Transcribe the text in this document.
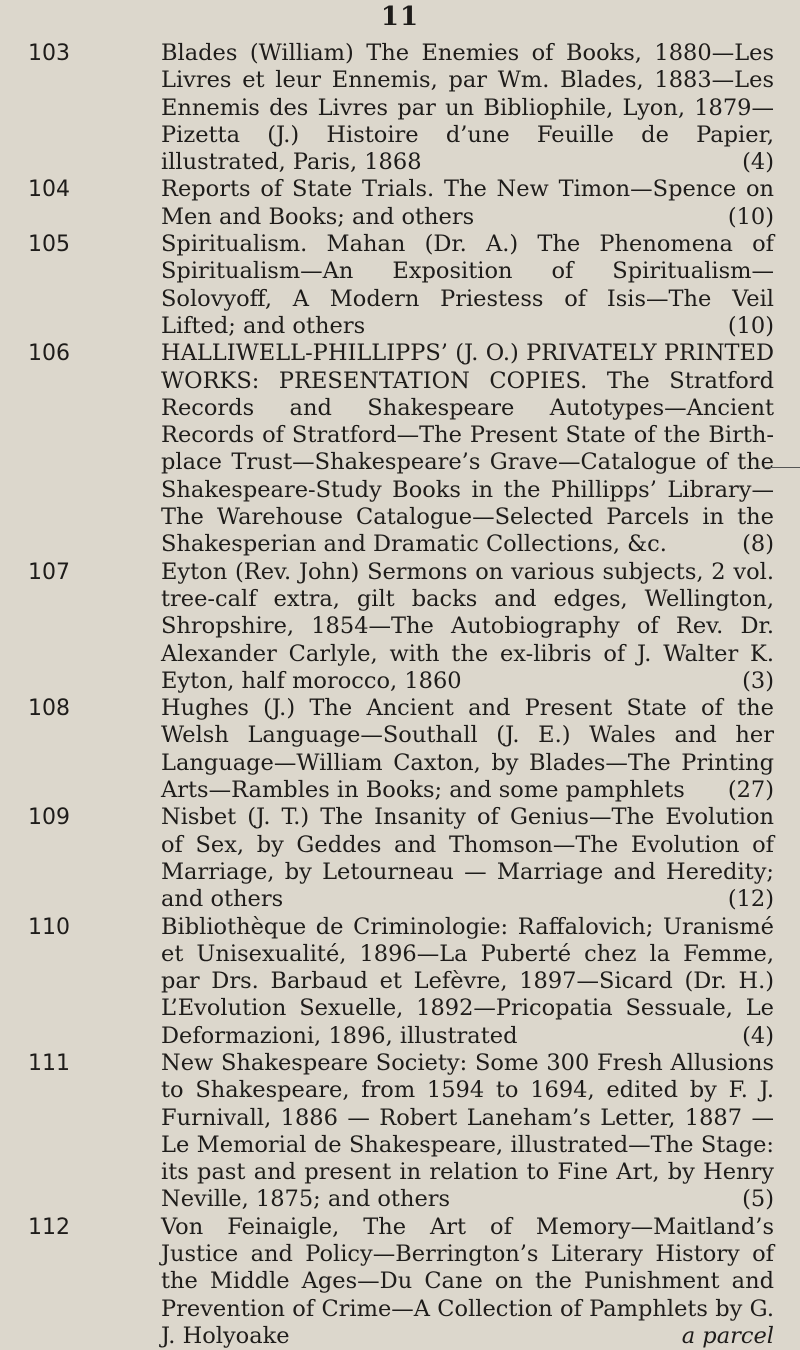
11
103	Blades (William) The Enemies of Books, 1880—Les Livres et leur Ennemis, par Wm. Blades, 1883—Les Ennemis des Livres par un Bibliophile, Lyon, 1879—Pizetta (J.) Histoire d’une Feuille de Papier, illustrated, Paris, 1868	(4)
104	Reports of State Trials. The New Timon—Spence on Men and Books; and others	(10)
105	Spiritualism. Mahan (Dr. A.) The Phenomena of Spiritualism—An Exposition of Spiritualism—Solovyoff, A Modern Priestess of Isis—The Veil Lifted; and others	(10)
106	HALLIWELL-PHILLIPPS’ (J. O.) PRIVATELY PRINTED WORKS: PRESENTATION COPIES. The Stratford Records and Shakespeare Autotypes—Ancient Records of Stratford—The Present State of the Birth-place Trust—Shakespeare’s Grave—Catalogue of the Shakespeare-Study Books in the Phillipps’ Library—The Warehouse Catalogue—Selected Parcels in the Shakesperian and Dramatic Collections, &c.	(8)
107	Eyton (Rev. John) Sermons on various subjects, 2 vol. tree-calf extra, gilt backs and edges, Wellington, Shropshire, 1854—The Autobiography of Rev. Dr. Alexander Carlyle, with the ex-libris of J. Walter K. Eyton, half morocco, 1860	(3)
108	Hughes (J.) The Ancient and Present State of the Welsh Language—Southall (J. E.) Wales and her Language—William Caxton, by Blades—The Printing Arts—Rambles in Books; and some pamphlets (27)
109	Nisbet (J. T.) The Insanity of Genius—The Evolution of Sex, by Geddes and Thomson—The Evolution of Marriage, by Letourneau — Marriage and Heredity; and others	(12)
110	Bibliothèque de Criminologie: Raffalovich; Uranismé et Unisexualité, 1896—La Puberté chez la Femme, par Drs. Barbaud et Lefèvre, 1897—Sicard (Dr. H.) L’Evolution Sexuelle, 1892—Pricopatia Sessuale, Le Deformazioni, 1896, illustrated	(4)
111	New Shakespeare Society: Some 300 Fresh Allusions to Shakespeare, from 1594 to 1694, edited by F. J. Furnivall, 1886 — Robert Laneham’s Letter, 1887 — Le Memorial de Shakespeare, illustrated—The Stage: its past and present in relation to Fine Art, by Henry Neville, 1875; and others	(5)
112	Von Feinaigle, The Art of Memory—Maitland’s Justice and Policy—Berrington’s Literary History of the Middle Ages—Du Cane on the Punishment and Prevention of Crime—A Collection of Pamphlets by G. J. Holyoake	a parcel
